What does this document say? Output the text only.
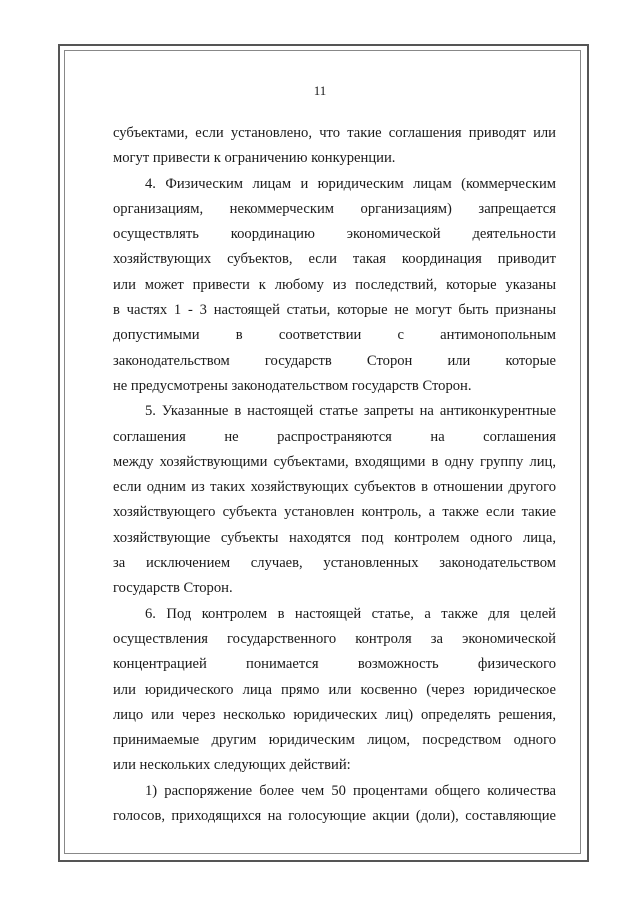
11
субъектами, если установлено, что такие соглашения приводят или
могут привести к ограничению конкуренции.
4. Физическим лицам и юридическим лицам (коммерческим
организациям, некоммерческим организациям) запрещается
осуществлять координацию экономической деятельности
хозяйствующих субъектов, если такая координация приводит
или может привести к любому из последствий, которые указаны
в частях 1 - 3 настоящей статьи, которые не могут быть признаны
допустимыми в соответствии с антимонопольным
законодательством государств Сторон или которые
не предусмотрены законодательством государств Сторон.
5. Указанные в настоящей статье запреты на антиконкурентные
соглашения не распространяются на соглашения
между хозяйствующими субъектами, входящими в одну группу лиц,
если одним из таких хозяйствующих субъектов в отношении другого
хозяйствующего субъекта установлен контроль, а также если такие
хозяйствующие субъекты находятся под контролем одного лица,
за исключением случаев, установленных законодательством
государств Сторон.
6. Под контролем в настоящей статье, а также для целей
осуществления государственного контроля за экономической
концентрацией понимается возможность физического
или юридического лица прямо или косвенно (через юридическое
лицо или через несколько юридических лиц) определять решения,
принимаемые другим юридическим лицом, посредством одного
или нескольких следующих действий:
1) распоряжение более чем 50 процентами общего количества
голосов, приходящихся на голосующие акции (доли), составляющие
